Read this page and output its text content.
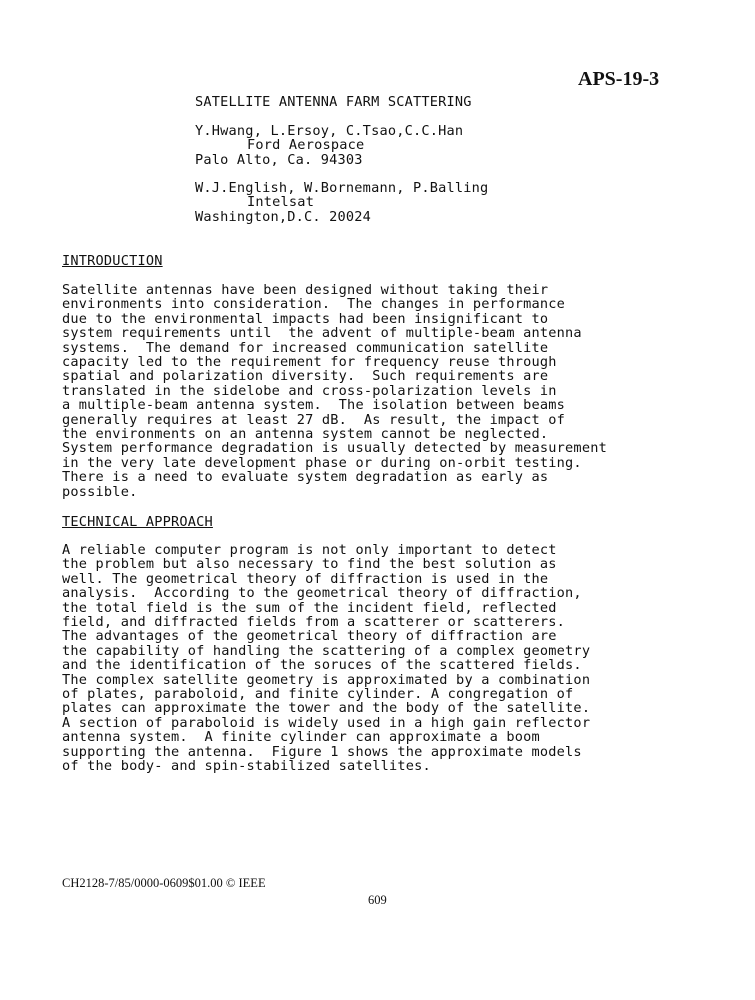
APS-19-3
SATELLITE ANTENNA FARM SCATTERING
Y.Hwang, L.Ersoy, C.Tsao,C.C.Han
Ford Aerospace
Palo Alto, Ca. 94303
W.J.English, W.Bornemann, P.Balling
Intelsat
Washington,D.C. 20024
INTRODUCTION
Satellite antennas have been designed without taking their
environments into consideration.  The changes in performance
due to the environmental impacts had been insignificant to
system requirements until  the advent of multiple-beam antenna
systems.  The demand for increased communication satellite
capacity led to the requirement for frequency reuse through
spatial and polarization diversity.  Such requirements are
translated in the sidelobe and cross-polarization levels in
a multiple-beam antenna system.  The isolation between beams
generally requires at least 27 dB.  As result, the impact of
the environments on an antenna system cannot be neglected.
System performance degradation is usually detected by measurement
in the very late development phase or during on-orbit testing.
There is a need to evaluate system degradation as early as
possible.
TECHNICAL APPROACH
A reliable computer program is not only important to detect
the problem but also necessary to find the best solution as
well. The geometrical theory of diffraction is used in the
analysis.  According to the geometrical theory of diffraction,
the total field is the sum of the incident field, reflected
field, and diffracted fields from a scatterer or scatterers.
The advantages of the geometrical theory of diffraction are
the capability of handling the scattering of a complex geometry
and the identification of the soruces of the scattered fields.
The complex satellite geometry is approximated by a combination
of plates, paraboloid, and finite cylinder. A congregation of
plates can approximate the tower and the body of the satellite.
A section of paraboloid is widely used in a high gain reflector
antenna system.  A finite cylinder can approximate a boom
supporting the antenna.  Figure 1 shows the approximate models
of the body- and spin-stabilized satellites.
CH2128-7/85/0000-0609$01.00 © IEEE
609
